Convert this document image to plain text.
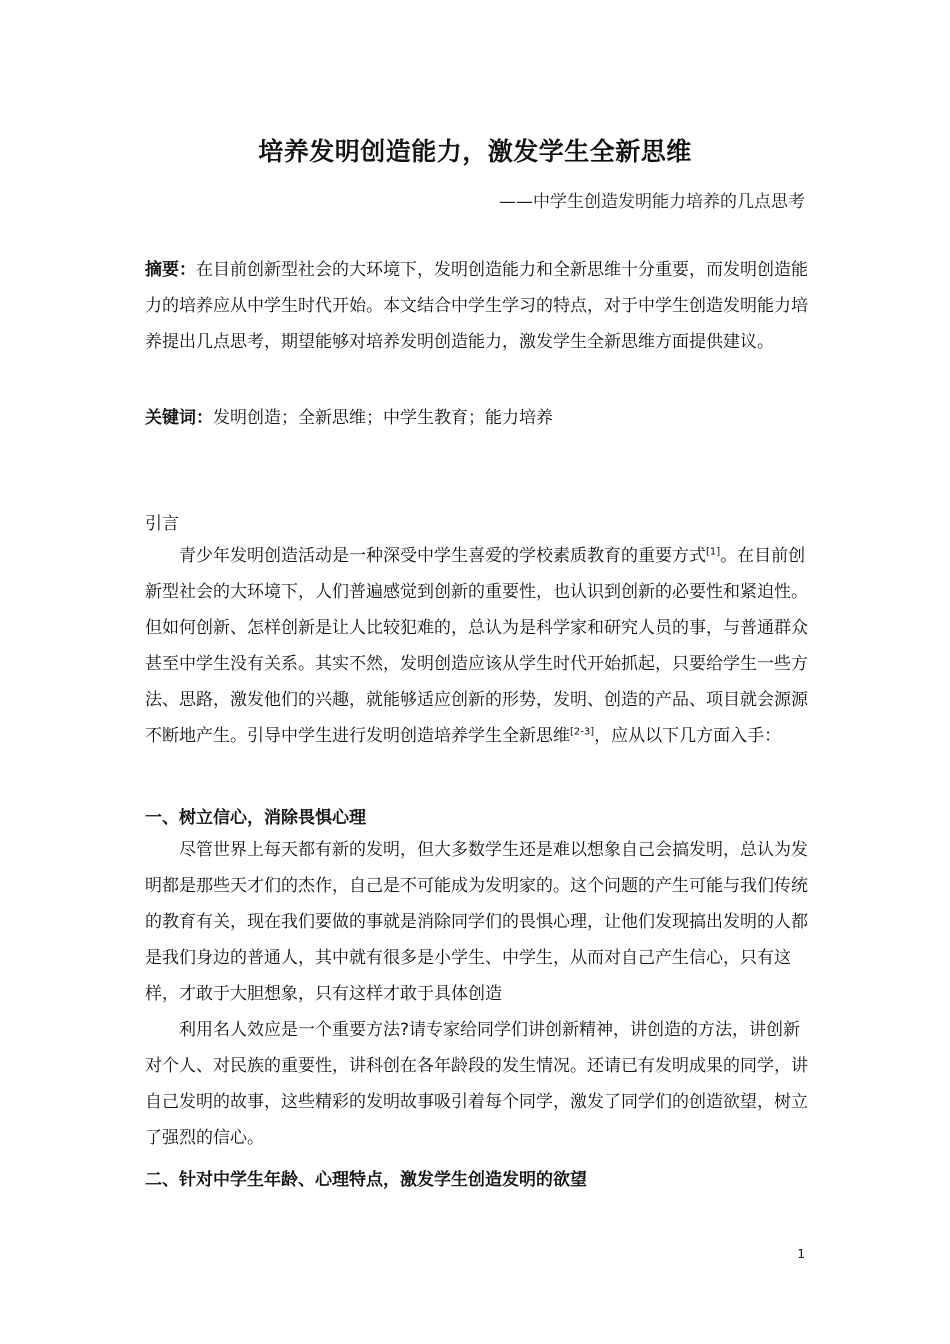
培养发明创造能力，激发学生全新思维
——中学生创造发明能力培养的几点思考
摘要：在目前创新型社会的大环境下，发明创造能力和全新思维十分重要，而发明创造能力的培养应从中学生时代开始。本文结合中学生学习的特点，对于中学生创造发明能力培养提出几点思考，期望能够对培养发明创造能力，激发学生全新思维方面提供建议。
关键词：发明创造；全新思维；中学生教育；能力培养
引言
青少年发明创造活动是一种深受中学生喜爱的学校素质教育的重要方式[1]。在目前创新型社会的大环境下，人们普遍感觉到创新的重要性，也认识到创新的必要性和紧迫性。但如何创新、怎样创新是让人比较犯难的，总认为是科学家和研究人员的事，与普通群众甚至中学生没有关系。其实不然，发明创造应该从学生时代开始抓起，只要给学生一些方法、思路，激发他们的兴趣，就能够适应创新的形势，发明、创造的产品、项目就会源源不断地产生。引导中学生进行发明创造培养学生全新思维[2-3]，应从以下几方面入手：
一、树立信心，消除畏惧心理
尽管世界上每天都有新的发明，但大多数学生还是难以想象自己会搞发明，总认为发明都是那些天才们的杰作，自己是不可能成为发明家的。这个问题的产生可能与我们传统的教育有关，现在我们要做的事就是消除同学们的畏惧心理，让他们发现搞出发明的人都是我们身边的普通人，其中就有很多是小学生、中学生，从而对自己产生信心，只有这样，才敢于大胆想象，只有这样才敢于具体创造
利用名人效应是一个重要方法?请专家给同学们讲创新精神，讲创造的方法，讲创新对个人、对民族的重要性，讲科创在各年龄段的发生情况。还请已有发明成果的同学，讲自己发明的故事，这些精彩的发明故事吸引着每个同学，激发了同学们的创造欲望，树立了强烈的信心。
二、针对中学生年龄、心理特点，激发学生创造发明的欲望
1
